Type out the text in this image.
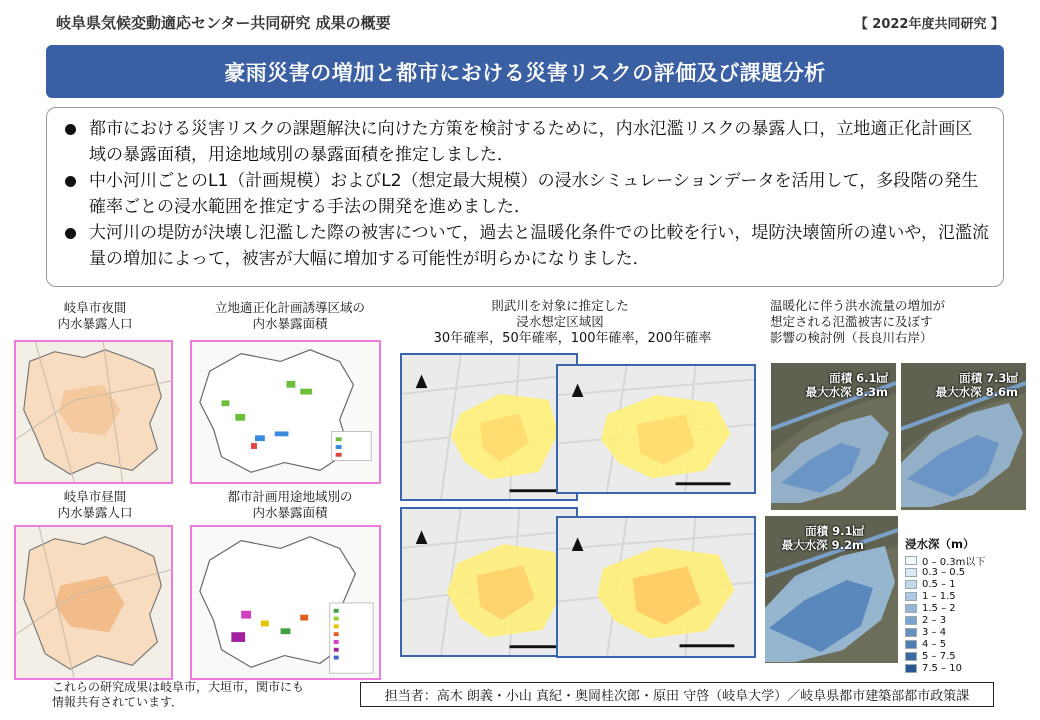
岐阜県気候変動適応センター共同研究 成果の概要	【 2022年度共同研究 】
豪雨災害の増加と都市における災害リスクの評価及び課題分析
都市における災害リスクの課題解決に向けた方策を検討するために，内水氾濫リスクの暴露人口，立地適正化計画区域の暴露面積，用途地域別の暴露面積を推定しました．
中小河川ごとのL1（計画規模）およびL2（想定最大規模）の浸水シミュレーションデータを活用して，多段階の発生確率ごとの浸水範囲を推定する手法の開発を進めました．
大河川の堤防が決壊し氾濫した際の被害について，過去と温暖化条件での比較を行い，堤防決壊箇所の違いや，氾濫流量の増加によって，被害が大幅に増加する可能性が明らかになりました．
岐阜市夜間
内水暴露人口
立地適正化計画誘導区域の
内水暴露面積
岐阜市昼間
内水暴露人口
都市計画用途地域別の
内水暴露面積
則武川を対象に推定した
浸水想定区域図
30年確率，50年確率，100年確率，200年確率
温暖化に伴う洪水流量の増加が
想定される氾濫被害に及ぼす
影響の検討例（長良川右岸）
面積 6.1㎢
最大水深 8.3m
面積 7.3㎢
最大水深 8.6m
面積 9.1㎢
最大水深 9.2m	浸水深（m）
0 – 0.3m以下
0.3 – 0.5
0.5 – 1
1 – 1.5
1.5 – 2
2 – 3
3 – 4
4 – 5
5 – 7.5
7.5 – 10
これらの研究成果は岐阜市，大垣市，関市にも
情報共有されています．	担当者：高木 朗義・小山 真紀・奥岡桂次郎・原田 守啓（岐阜大学）／岐阜県都市建築部都市政策課
